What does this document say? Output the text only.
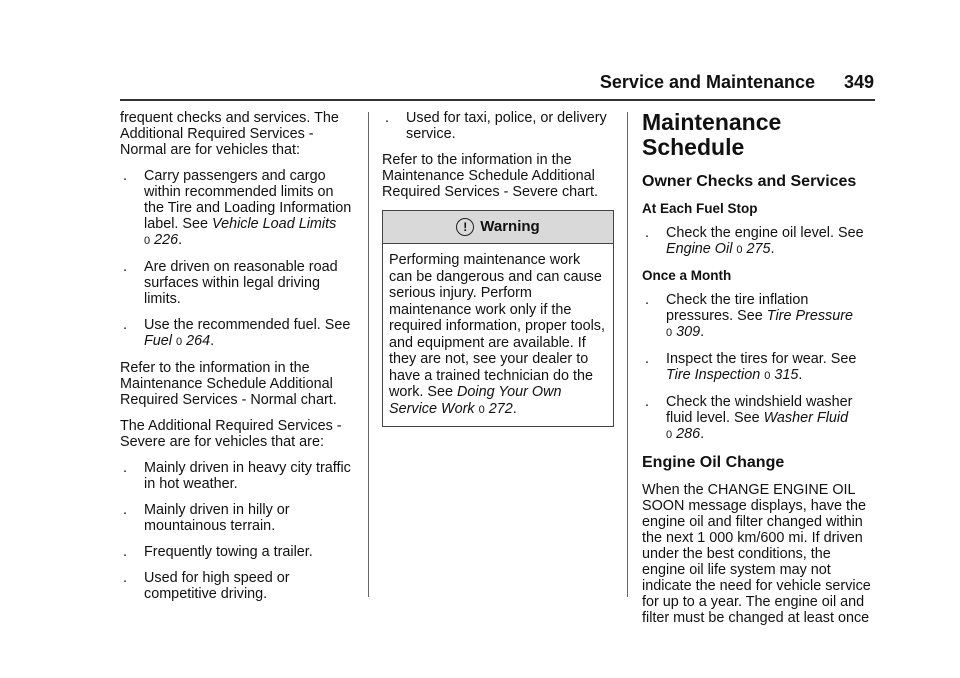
Service and Maintenance 349

frequent checks and services. The Additional Required Services - Normal are for vehicles that:

. Carry passengers and cargo within recommended limits on the Tire and Loading Information label. See Vehicle Load Limits
0 226.
. Are driven on reasonable road surfaces within legal driving limits.
. Use the recommended fuel. See Fuel 0 264.

Refer to the information in the Maintenance Schedule Additional Required Services - Normal chart.

The Additional Required Services - Severe are for vehicles that are:

. Mainly driven in heavy city traffic in hot weather.
. Mainly driven in hilly or mountainous terrain.
. Frequently towing a trailer.
. Used for high speed or competitive driving.
. Used for taxi, police, or delivery service.

Refer to the information in the Maintenance Schedule Additional Required Services - Severe chart.

! Warning
Performing maintenance work can be dangerous and can cause serious injury. Perform maintenance work only if the required information, proper tools, and equipment are available. If they are not, see your dealer to have a trained technician do the work. See Doing Your Own Service Work 0 272.
Maintenance Schedule
Owner Checks and Services
At Each Fuel Stop
. Check the engine oil level. See Engine Oil 0 275.
Once a Month
. Check the tire inflation pressures. See Tire Pressure
0 309.
. Inspect the tires for wear. See Tire Inspection 0 315.
. Check the windshield washer fluid level. See Washer Fluid
0 286.
Engine Oil Change

When the CHANGE ENGINE OIL SOON message displays, have the engine oil and filter changed within the next 1 000 km/600 mi. If driven under the best conditions, the engine oil life system may not indicate the need for vehicle service for up to a year. The engine oil and filter must be changed at least once
